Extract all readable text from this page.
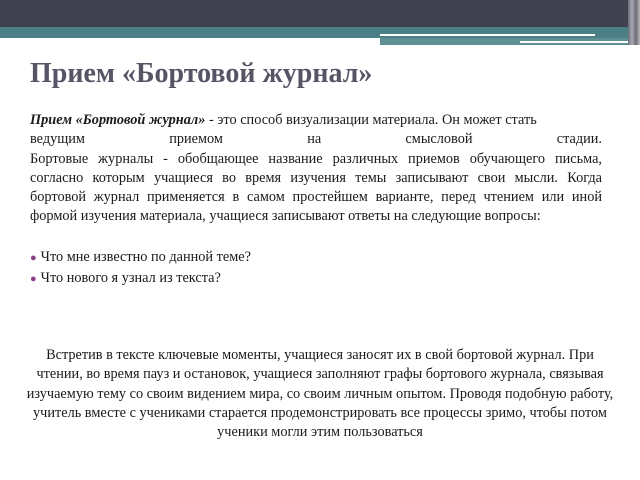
Прием «Бортовой журнал»

Прием «Бортовой журнал» - это способ визуализации материала. Он может стать

ведущим приемом на смысловой стадии.

Бортовые журналы - обобщающее название различных приемов обучающего письма, согласно которым учащиеся во время изучения темы записывают свои мысли. Когда бортовой журнал применяется в самом простейшем варианте, перед чтением или иной формой изучения материала, учащиеся записывают ответы на следующие вопросы:

● Что мне известно по данной теме?
● Что нового я узнал из текста?

Встретив в тексте ключевые моменты, учащиеся заносят их в свой бортовой журнал. При чтении, во время пауз и остановок, учащиеся заполняют графы бортового журнала, связывая изучаемую тему со своим видением мира, со своим личным опытом. Проводя подобную работу, учитель вместе с учениками старается продемонстрировать все процессы зримо, чтобы потом ученики могли этим пользоваться
